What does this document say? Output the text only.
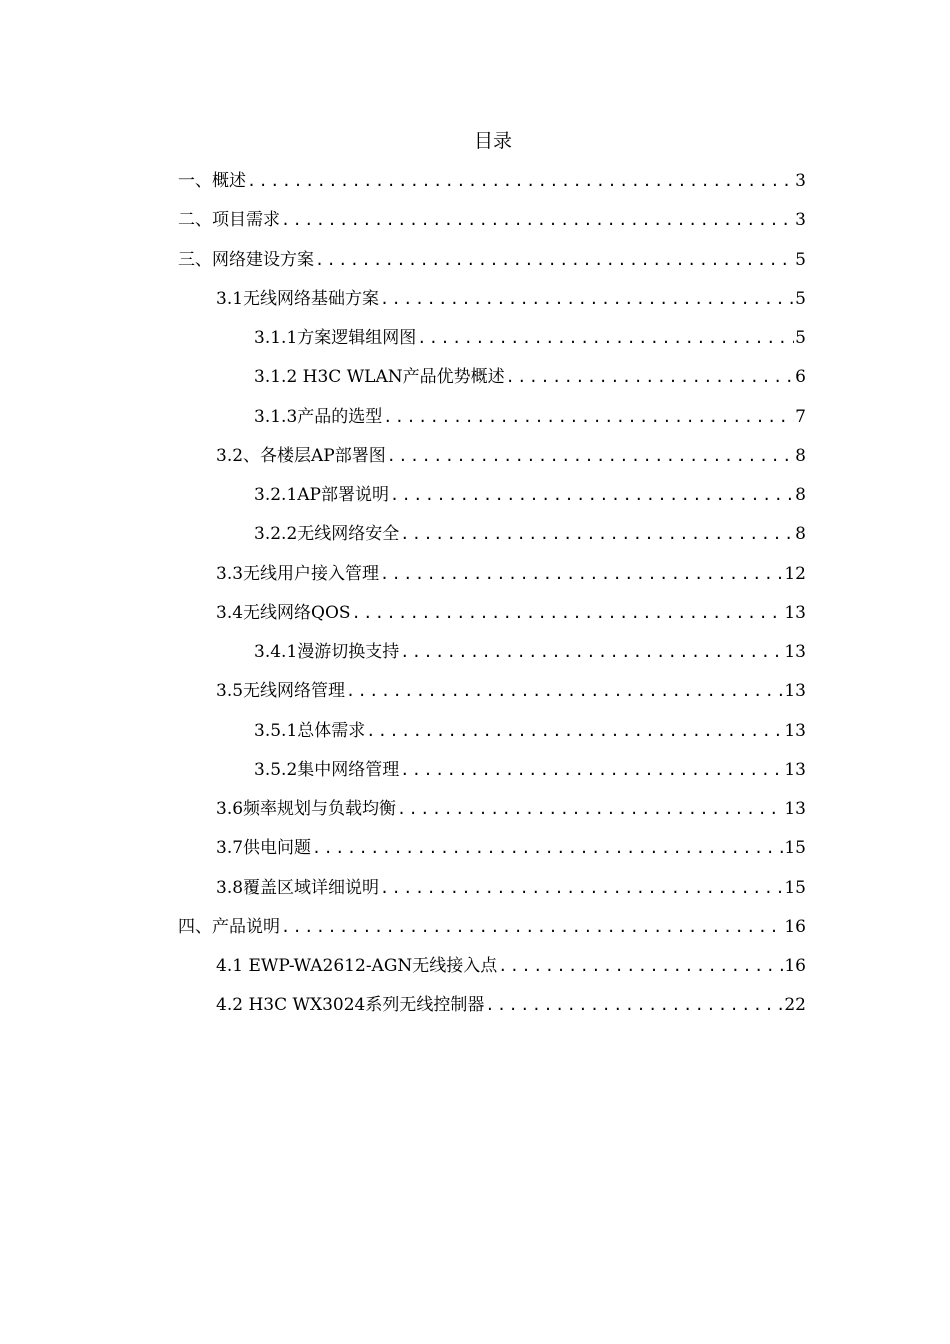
目录
一、概述 .....	3
二、项目需求 .....	3
三、网络建设方案 .....	5
3.1无线网络基础方案 .....	5
3.1.1方案逻辑组网图 .....	5
3.1.2 H3C WLAN产品优势概述 .....	6
3.1.3产品的选型 .....	7
3.2、各楼层AP部署图 .....	8
3.2.1AP部署说明 .....	8
3.2.2无线网络安全 .....	8
3.3无线用户接入管理 .....	12
3.4无线网络QOS .....	13
3.4.1漫游切换支持 .....	13
3.5无线网络管理 .....	13
3.5.1总体需求 .....	13
3.5.2集中网络管理 .....	13
3.6频率规划与负载均衡 .....	13
3.7供电问题 .....	15
3.8覆盖区域详细说明 .....	15
四、产品说明 .....	16
4.1 EWP-WA2612-AGN无线接入点 .....	16
4.2 H3C WX3024系列无线控制器 .....	22
